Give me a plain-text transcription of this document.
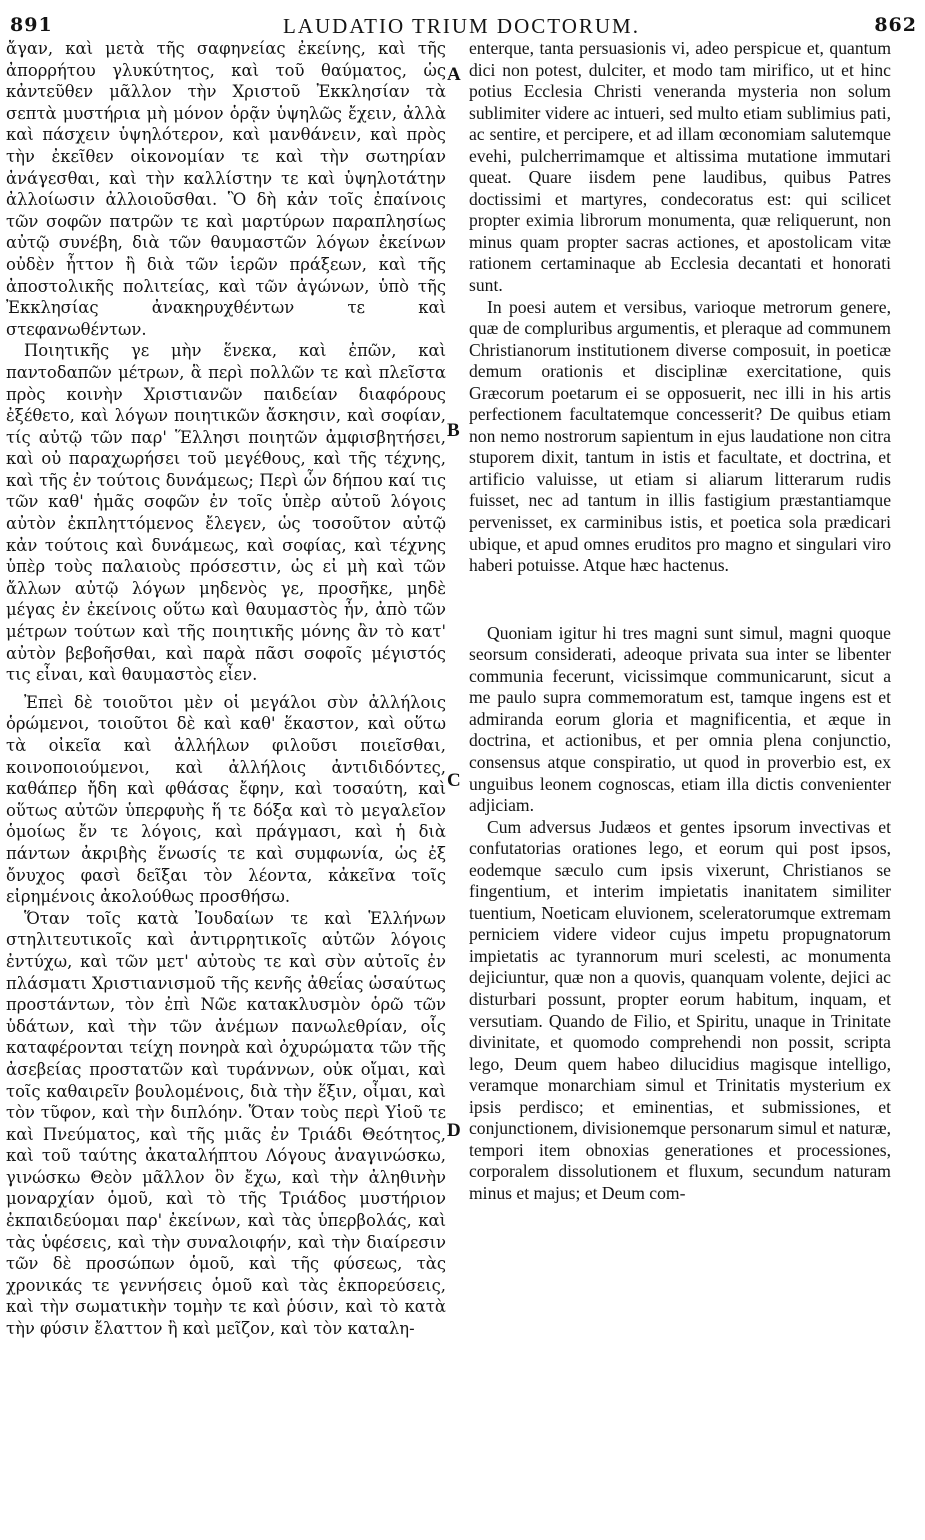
891	LAUDATIO TRIUM DOCTORUM.	862

ἄγαν, καὶ μετὰ τῆς σαφηνείας ἐκείνης, καὶ τῆς ἀπορρήτου γλυκύτητος, καὶ τοῦ θαύματος, ὡς κἀντεῦθεν μᾶλλον τὴν Χριστοῦ Ἐκκλησίαν τὰ σεπτὰ μυστήρια μὴ μόνον ὁρᾷν ὑψηλῶς ἔχειν, ἀλλὰ καὶ πάσχειν ὑψηλότερον, καὶ μανθάνειν, καὶ πρὸς τὴν ἐκεῖθεν οἰκονομίαν τε καὶ τὴν σωτηρίαν ἀνάγεσθαι, καὶ τὴν καλλίστην τε καὶ ὑψηλοτάτην ἀλλοίωσιν ἀλλοιοῦσθαι. Ὃ δὴ κἀν τοῖς ἐπαίνοις τῶν σοφῶν πατρῶν τε καὶ μαρτύρων παραπλησίως αὐτῷ συνέβη, διὰ τῶν θαυμαστῶν λόγων ἐκείνων οὐδὲν ἧττον ἢ διὰ τῶν ἱερῶν πράξεων, καὶ τῆς ἀποστολικῆς πολιτείας, καὶ τῶν ἀγώνων, ὑπὸ τῆς Ἐκκλησίας ἀνακηρυχθέντων τε καὶ στεφανωθέντων.

Ποιητικῆς γε μὴν ἕνεκα, καὶ ἐπῶν, καὶ παντοδαπῶν μέτρων, ἃ περὶ πολλῶν τε καὶ πλεῖστα πρὸς κοινὴν Χριστιανῶν παιδείαν διαφόρους ἐξέθετο, καὶ λόγων ποιητικῶν ἄσκησιν, καὶ σοφίαν, τίς αὐτῷ τῶν παρ' Ἕλλησι ποιητῶν ἀμφισβητήσει, καὶ οὐ παραχωρήσει τοῦ μεγέθους, καὶ τῆς τέχνης, καὶ τῆς ἐν τούτοις δυνάμεως; Περὶ ὧν δήπου καί τις τῶν καθ' ἡμᾶς σοφῶν ἐν τοῖς ὑπὲρ αὐτοῦ λόγοις αὐτὸν ἐκπληττόμενος ἔλεγεν, ὡς τοσοῦτον αὐτῷ κἀν τούτοις καὶ δυνάμεως, καὶ σοφίας, καὶ τέχνης ὑπὲρ τοὺς παλαιοὺς πρόσεστιν, ὡς εἰ μὴ καὶ τῶν ἄλλων αὐτῷ λόγων μηδενὸς γε, προσῆκε, μηδὲ μέγας ἐν ἐκείνοις οὕτω καὶ θαυμαστὸς ἦν, ἀπὸ τῶν μέτρων τούτων καὶ τῆς ποιητικῆς μόνης ἂν τὸ κατ' αὐτὸν βεβοῆσθαι, καὶ παρὰ πᾶσι σοφοῖς μέγιστός τις εἶναι, καὶ θαυμαστὸς εἶεν.

Ἐπεὶ δὲ τοιοῦτοι μὲν οἱ μεγάλοι σὺν ἀλλήλοις ὁρώμενοι, τοιοῦτοι δὲ καὶ καθ' ἕκαστον, καὶ οὕτω τὰ οἰκεῖα καὶ ἀλλήλων φιλοῦσι ποιεῖσθαι, κοινοποιούμενοι, καὶ ἀλλήλοις ἀντιδιδόντες, καθάπερ ἤδη καὶ φθάσας ἔφην, καὶ τοσαύτη, καὶ οὕτως αὐτῶν ὑπερφυὴς ἥ τε δόξα καὶ τὸ μεγαλεῖον ὁμοίως ἔν τε λόγοις, καὶ πράγμασι, καὶ ἡ διὰ πάντων ἀκριβὴς ἕνωσίς τε καὶ συμφωνία, ὡς ἐξ ὄνυχος φασὶ δεῖξαι τὸν λέοντα, κἀκεῖνα τοῖς εἰρημένοις ἀκολούθως προσθήσω.

Ὅταν τοῖς κατὰ Ἰουδαίων τε καὶ Ἑλλήνων στηλιτευτικοῖς καὶ ἀντιρρητικοῖς αὐτῶν λόγοις ἐντύχω, καὶ τῶν μετ' αὐτοὺς τε καὶ σὺν αὐτοῖς ἐν πλάσματι Χριστιανισμοῦ τῆς κενῆς ἀθεΐας ὡσαύτως προστάντων, τὸν ἐπὶ Νῶε κατακλυσμὸν ὁρῶ τῶν ὑδάτων, καὶ τὴν τῶν ἀνέμων πανωλεθρίαν, οἷς καταφέρονται τείχη πονηρὰ καὶ ὀχυρώματα τῶν τῆς ἀσεβείας προστατῶν καὶ τυράννων, οὐκ οἴμαι, καὶ τοῖς καθαιρεῖν βουλομένοις, διὰ τὴν ἕξιν, οἶμαι, καὶ τὸν τῦφον, καὶ τὴν διπλόην. Ὅταν τοὺς περὶ Υἱοῦ τε καὶ Πνεύματος, καὶ τῆς μιᾶς ἐν Τριάδι Θεότητος, καὶ τοῦ ταύτης ἀκαταλήπτου Λόγους ἀναγινώσκω, γινώσκω Θεὸν μᾶλλον ὃν ἔχω, καὶ τὴν ἀληθινὴν μοναρχίαν ὁμοῦ, καὶ τὸ τῆς Τριάδος μυστήριον ἐκπαιδεύομαι παρ' ἐκείνων, καὶ τὰς ὑπερβολάς, καὶ τὰς ὑφέσεις, καὶ τὴν συναλοιφήν, καὶ τὴν διαίρεσιν τῶν δὲ προσώπων ὁμοῦ, καὶ τῆς φύσεως, τὰς χρονικάς τε γεννήσεις ὁμοῦ καὶ τὰς ἐκπορεύσεις, καὶ τὴν σωματικὴν τομὴν τε καὶ ῥύσιν, καὶ τὸ κατὰ τὴν φύσιν ἔλαττον ἢ καὶ μεῖζον, καὶ τὸν καταλη-

A
B
C
D

enterque, tanta persuasionis vi, adeo perspicue et, quantum dici non potest, dulciter, et modo tam mirifico, ut et hinc potius Ecclesia Christi veneranda mysteria non solum sublimiter videre ac intueri, sed multo etiam sublimius pati, ac sentire, et percipere, et ad illam œconomiam salutemque evehi, pulcherrimamque et altissima mutatione immutari queat. Quare iisdem pene laudibus, quibus Patres doctissimi et martyres, condecoratus est: qui scilicet propter eximia librorum monumenta, quæ reliquerunt, non minus quam propter sacras actiones, et apostolicam vitæ rationem certaminaque ab Ecclesia decantati et honorati sunt.

In poesi autem et versibus, varioque metrorum genere, quæ de compluribus argumentis, et pleraque ad communem Christianorum institutionem diverse composuit, in poeticæ demum orationis et disciplinæ exercitatione, quis Græcorum poetarum ei se opposuerit, nec illi in his artis perfectionem facultatemque concesserit? De quibus etiam non nemo nostrorum sapientum in ejus laudatione non citra stuporem dixit, tantum in istis et facultate, et doctrina, et artificio valuisse, ut etiam si aliarum litterarum rudis fuisset, nec ad tantum in illis fastigium præstantiamque pervenisset, ex carminibus istis, et poetica sola prædicari ubique, et apud omnes eruditos pro magno et singulari viro haberi potuisse. Atque hæc hactenus.

Quoniam igitur hi tres magni sunt simul, magni quoque seorsum considerati, adeoque privata sua inter se libenter communia fecerunt, vicissimque communicarunt, sicut a me paulo supra commemoratum est, tamque ingens est et admiranda eorum gloria et magnificentia, et æque in doctrina, et actionibus, et per omnia plena conjunctio, consensus atque conspiratio, ut quod in proverbio est, ex unguibus leonem cognoscas, etiam illa dictis convenienter adjiciam.

Cum adversus Judæos et gentes ipsorum invectivas et confutatorias orationes lego, et eorum qui post ipsos, eodemque sæculo cum ipsis vixerunt, Christianos se fingentium, et interim impietatis inanitatem similiter tuentium, Noeticam eluvionem, sceleratorumque extremam perniciem videre videor cujus impetu propugnatorum impietatis ac tyrannorum muri scelesti, ac monumenta dejiciuntur, quæ non a quovis, quanquam volente, dejici ac disturbari possunt, propter eorum habitum, inquam, et versutiam. Quando de Filio, et Spiritu, unaque in Trinitate divinitate, et quomodo comprehendi non possit, scripta lego, Deum quem habeo dilucidius magisque intelligo, veramque monarchiam simul et Trinitatis mysterium ex ipsis perdisco; et eminentias, et submissiones, et conjunctionem, divisionemque personarum simul et naturæ, tempori item obnoxias generationes et processiones, corporalem dissolutionem et fluxum, secundum naturam minus et majus; et Deum com-
